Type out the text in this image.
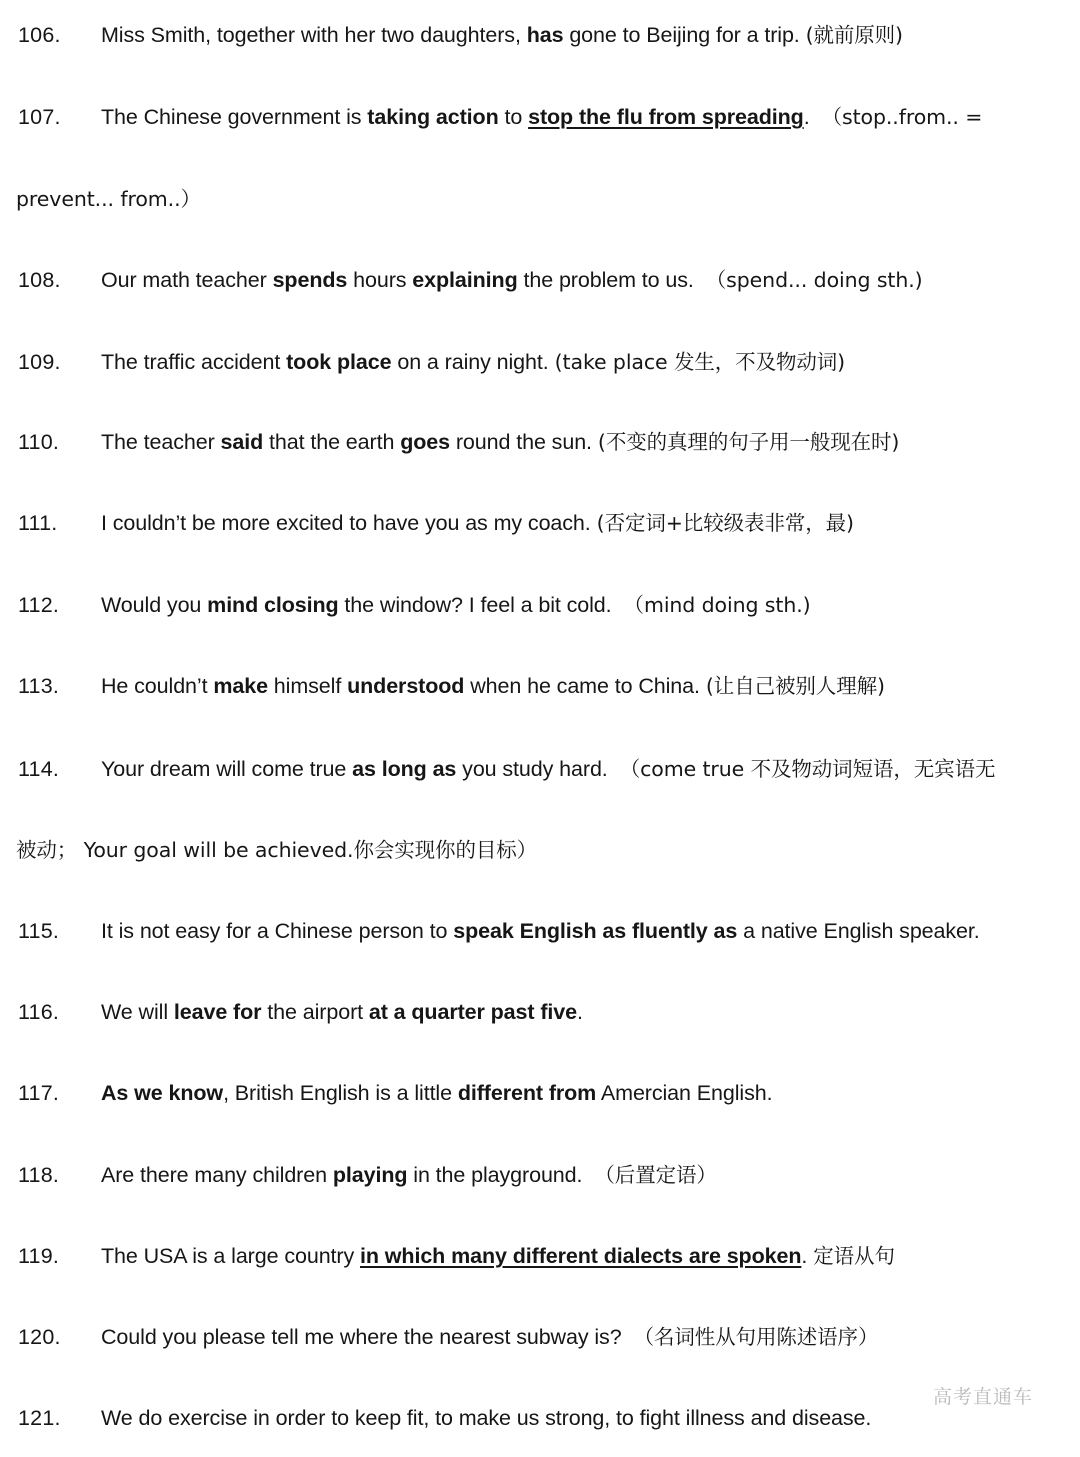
106. Miss Smith, together with her two daughters, has gone to Beijing for a trip. (就前原则)
107. The Chinese government is taking action to stop the flu from spreading. （stop..from.. =
prevent... from..）
108. Our math teacher spends hours explaining the problem to us. （spend... doing sth.)
109. The traffic accident took place on a rainy night. (take place 发生，不及物动词)
110. The teacher said that the earth goes round the sun. (不变的真理的句子用一般现在时)
111. I couldn’t be more excited to have you as my coach. (否定词+比较级表非常，最)
112. Would you mind closing the window? I feel a bit cold. （mind doing sth.)
113. He couldn’t make himself understood when he came to China. (让自己被别人理解)
114. Your dream will come true as long as you study hard. （come true 不及物动词短语，无宾语无
被动； Your goal will be achieved.你会实现你的目标）
115. It is not easy for a Chinese person to speak English as fluently as a native English speaker.
116. We will leave for the airport at a quarter past five.
117. As we know, British English is a little different from Amercian English.
118. Are there many children playing in the playground. （后置定语）
119. The USA is a large country in which many different dialects are spoken. 定语从句
120. Could you please tell me where the nearest subway is? （名词性从句用陈述语序）
121. We do exercise in order to keep fit, to make us strong, to fight illness and disease.
高考直通车
